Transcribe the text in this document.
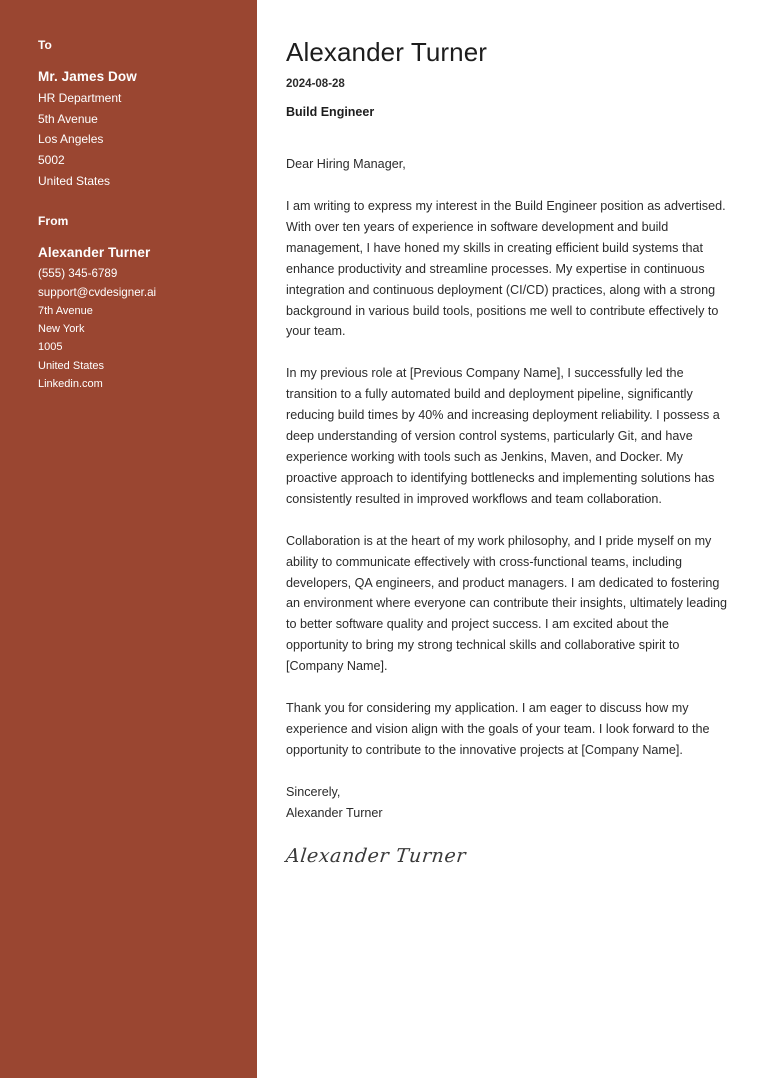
To
Mr. James Dow
HR Department
5th Avenue
Los Angeles
5002
United States
From
Alexander Turner
(555) 345-6789
support@cvdesigner.ai
7th Avenue
New York
1005
United States
Linkedin.com
Alexander Turner
2024-08-28
Build Engineer

Dear Hiring Manager,

I am writing to express my interest in the Build Engineer position as advertised. With over ten years of experience in software development and build management, I have honed my skills in creating efficient build systems that enhance productivity and streamline processes. My expertise in continuous integration and continuous deployment (CI/CD) practices, along with a strong background in various build tools, positions me well to contribute effectively to your team.

In my previous role at [Previous Company Name], I successfully led the transition to a fully automated build and deployment pipeline, significantly reducing build times by 40% and increasing deployment reliability. I possess a deep understanding of version control systems, particularly Git, and have experience working with tools such as Jenkins, Maven, and Docker. My proactive approach to identifying bottlenecks and implementing solutions has consistently resulted in improved workflows and team collaboration.

Collaboration is at the heart of my work philosophy, and I pride myself on my ability to communicate effectively with cross-functional teams, including developers, QA engineers, and product managers. I am dedicated to fostering an environment where everyone can contribute their insights, ultimately leading to better software quality and project success. I am excited about the opportunity to bring my strong technical skills and collaborative spirit to [Company Name].

Thank you for considering my application. I am eager to discuss how my experience and vision align with the goals of your team. I look forward to the opportunity to contribute to the innovative projects at [Company Name].

Sincerely,

Alexander Turner

Alexander Turner
